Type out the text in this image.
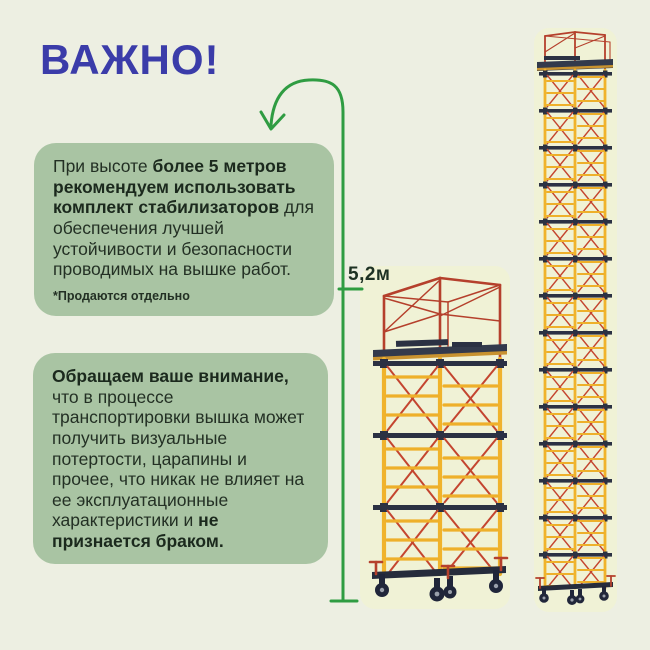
ВАЖНО!

При высоте более 5 метров рекомендуем использовать комплект стабилизаторов для обеспечения лучшей устойчивости и безопасности проводимых на вышке работ.

*Продаются отдельно

Обращаем ваше внимание, что в процессе транспортировки вышка может получить визуальные потертости, царапины и прочее, что никак не влияет на ее эксплуатационные характеристики и не признается браком.

5,2м
